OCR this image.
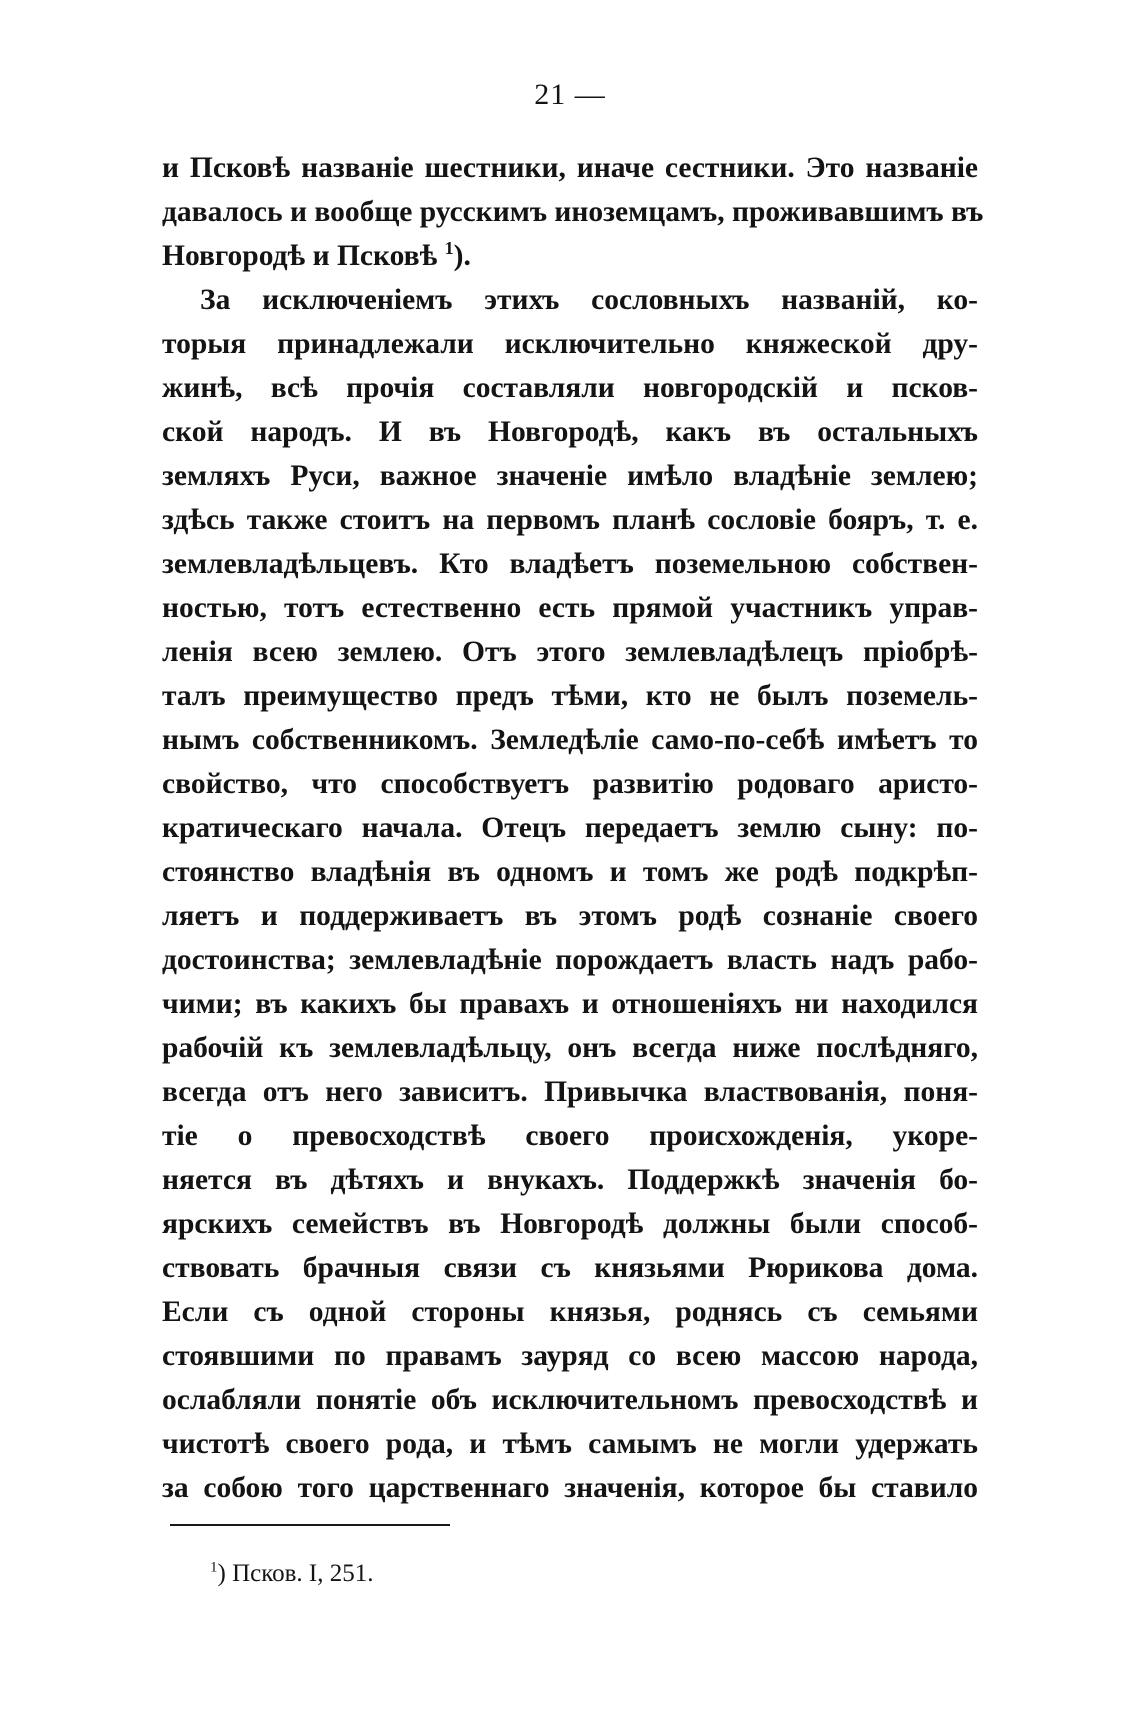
21 —
и Псковѣ названіе шестники, иначе сестники. Это названіе
давалось и вообще русскимъ иноземцамъ, проживавшимъ въ
Новгородѣ и Псковѣ $^1$).
За исключеніемъ этихъ сословныхъ названій, ко-
торыя принадлежали исключительно княжеской дру-
жинѣ, всѣ прочія составляли новгородскій и псков-
ской народъ. И въ Новгородѣ, какъ въ остальныхъ
земляхъ Руси, важное значеніе имѣло владѣніе землею;
здѣсь также стоитъ на первомъ планѣ сословіе бояръ, т. е.
землевладѣльцевъ. Кто владѣетъ поземельною собствен-
ностью, тотъ естественно есть прямой участникъ управ-
ленія всею землею. Отъ этого землевладѣлецъ пріобрѣ-
талъ преимущество предъ тѣми, кто не былъ поземель-
нымъ собственникомъ. Земледѣліе само-по-себѣ имѣетъ то
свойство, что способствуетъ развитію родоваго аристо-
кратическаго начала. Отецъ передаетъ землю сыну: по-
стоянство владѣнія въ одномъ и томъ же родѣ подкрѣп-
ляетъ и поддерживаетъ въ этомъ родѣ сознаніе своего
достоинства; землевладѣніе порождаетъ власть надъ рабо-
чими; въ какихъ бы правахъ и отношеніяхъ ни находился
рабочій къ землевладѣльцу, онъ всегда ниже послѣдняго,
всегда отъ него зависитъ. Привычка властвованія, поня-
тіе о превосходствѣ своего происхожденія, укоре-
няется въ дѣтяхъ и внукахъ. Поддержкѣ значенія бо-
ярскихъ семействъ въ Новгородѣ должны были способ-
ствовать брачныя связи съ князьями Рюрикова дома.
Если съ одной стороны князья, роднясь съ семьями
стоявшими по правамъ зауряд со всею массою народа,
ослабляли понятіе объ исключительномъ превосходствѣ и
чистотѣ своего рода, и тѣмъ самымъ не могли удержать
за собою того царственнаго значенія, которое бы ставило
$^1$) Псков. I, 251.
